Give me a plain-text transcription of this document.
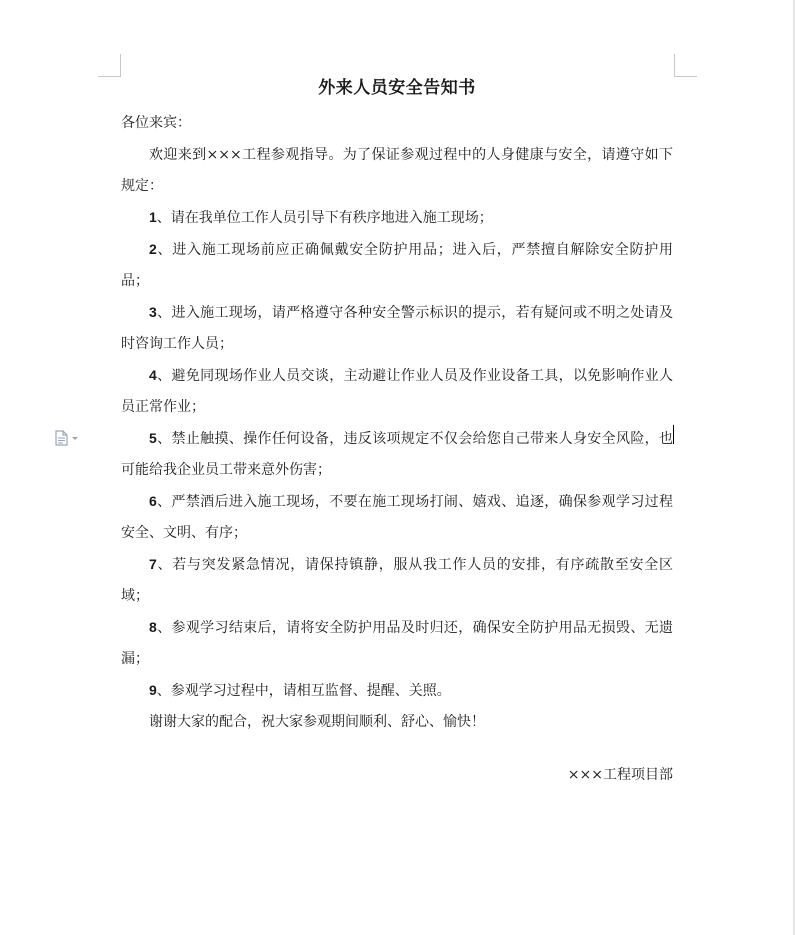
外来人员安全告知书
各位来宾：

欢迎来到×××工程参观指导。为了保证参观过程中的人身健康与安全，请遵守如下规定：

1、请在我单位工作人员引导下有秩序地进入施工现场；

2、进入施工现场前应正确佩戴安全防护用品；进入后，严禁擅自解除安全防护用品；

3、进入施工现场，请严格遵守各种安全警示标识的提示，若有疑问或不明之处请及时咨询工作人员；

4、避免同现场作业人员交谈，主动避让作业人员及作业设备工具，以免影响作业人员正常作业；

5、禁止触摸、操作任何设备，违反该项规定不仅会给您自己带来人身安全风险，也可能给我企业员工带来意外伤害；

6、严禁酒后进入施工现场，不要在施工现场打闹、嬉戏、追逐，确保参观学习过程安全、文明、有序；

7、若与突发紧急情况，请保持镇静，服从我工作人员的安排，有序疏散至安全区域；

8、参观学习结束后，请将安全防护用品及时归还，确保安全防护用品无损毁、无遗漏；

9、参观学习过程中，请相互监督、提醒、关照。

谢谢大家的配合，祝大家参观期间顺利、舒心、愉快！

×××工程项目部
